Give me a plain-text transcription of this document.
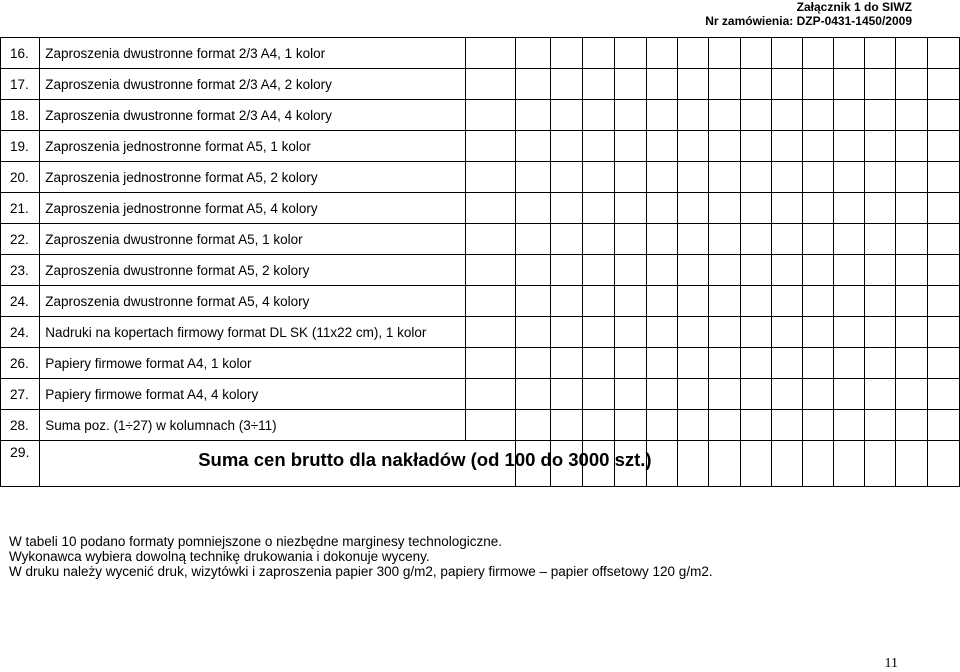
Załącznik 1 do SIWZ
Nr zamówienia: DZP-0431-1450/2009
16.	Zaproszenia dwustronne format 2/3 A4, 1 kolor															
17.	Zaproszenia dwustronne format 2/3 A4, 2 kolory															
18.	Zaproszenia dwustronne format 2/3 A4, 4 kolory															
19.	Zaproszenia jednostronne format A5, 1 kolor															
20.	Zaproszenia jednostronne format A5, 2 kolory															
21.	Zaproszenia jednostronne format A5, 4 kolory															
22.	Zaproszenia dwustronne format A5, 1 kolor															
23.	Zaproszenia dwustronne format A5, 2 kolory															
24.	Zaproszenia dwustronne format A5, 4 kolory															
24.	Nadruki na kopertach firmowy format DL SK (11x22 cm), 1 kolor															
26.	Papiery firmowe format A4, 1 kolor															
27.	Papiery firmowe format A4, 4 kolory															
28.	Suma poz. (1÷27) w kolumnach (3÷11)															
29.	Suma cen brutto dla nakładów (od 100 do 3000 szt.)															
W tabeli 10 podano formaty pomniejszone o niezbędne marginesy technologiczne.
Wykonawca wybiera dowolną technikę drukowania i dokonuje wyceny.
W druku należy wycenić druk, wizytówki i zaproszenia papier 300 g/m2, papiery firmowe – papier offsetowy 120 g/m2.
11
